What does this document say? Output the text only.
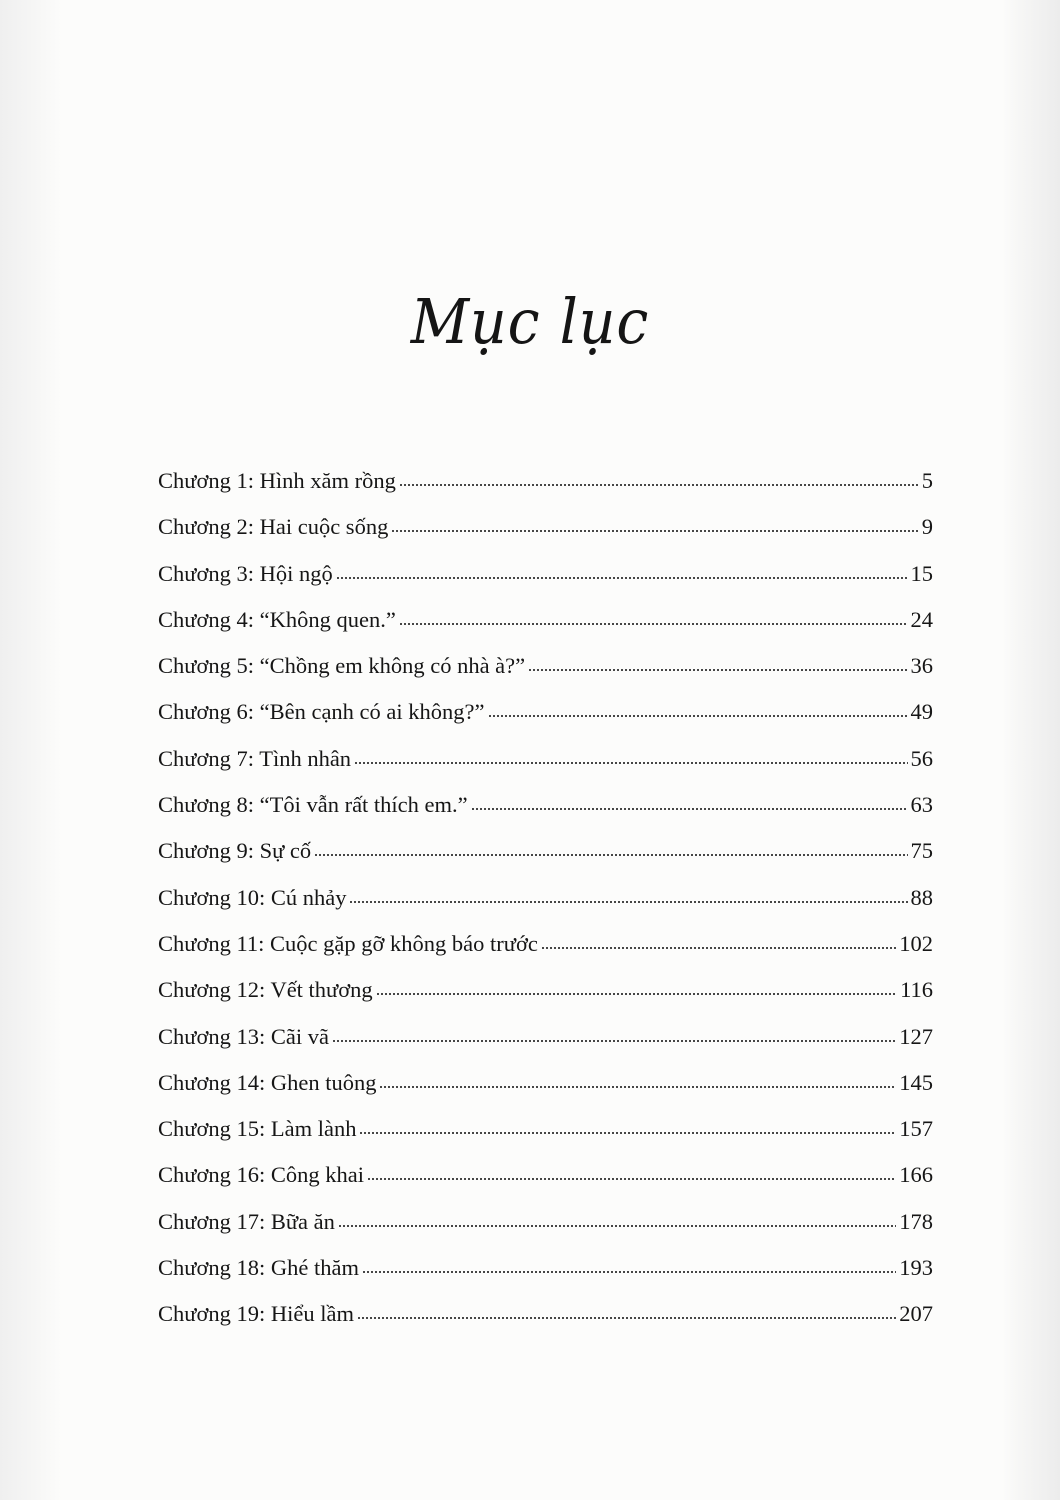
Mục lục
Chương 1: Hình xăm rồng	5
Chương 2: Hai cuộc sống	9
Chương 3: Hội ngộ	15
Chương 4: “Không quen.”	24
Chương 5: “Chồng em không có nhà à?”	36
Chương 6: “Bên cạnh có ai không?”	49
Chương 7: Tình nhân	56
Chương 8: “Tôi vẫn rất thích em.”	63
Chương 9: Sự cố	75
Chương 10: Cú nhảy	88
Chương 11: Cuộc gặp gỡ không báo trước	102
Chương 12: Vết thương	116
Chương 13: Cãi vã	127
Chương 14: Ghen tuông	145
Chương 15: Làm lành	157
Chương 16: Công khai	166
Chương 17: Bữa ăn	178
Chương 18: Ghé thăm	193
Chương 19: Hiểu lầm	207
